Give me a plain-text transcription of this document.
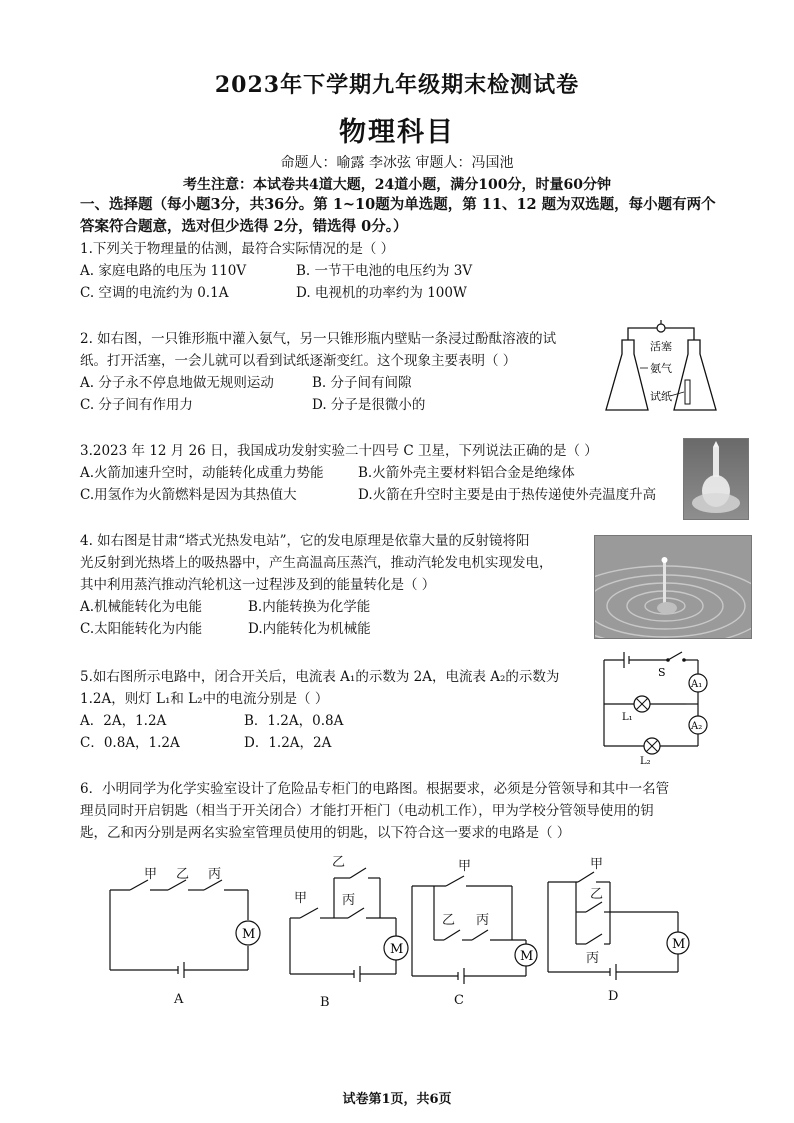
2023年下学期九年级期末检测试卷
物理科目
命题人：喻露 李冰弦 审题人：冯国池
考生注意：本试卷共4道大题，24道小题，满分100分，时量60分钟
一、选择题（每小题3分，共36分。第 1~10题为单选题，第 11、12 题为双选题，每小题有两个答案符合题意，选对但少选得 2分，错选得 0分。）
1.下列关于物理量的估测，最符合实际情况的是（ ）
A. 家庭电路的电压为 110V	B. 一节干电池的电压约为 3V
C. 空调的电流约为 0.1A	D. 电视机的功率约为 100W
2. 如右图，一只锥形瓶中灌入氨气，另一只锥形瓶内壁贴一条浸过酚酞溶液的试
纸。打开活塞，一会儿就可以看到试纸逐渐变红。这个现象主要表明（ ）
A. 分子永不停息地做无规则运动	B. 分子间有间隙
C. 分子间有作用力	D. 分子是很微小的
活塞
氨气
试纸
3.2023 年 12 月 26 日，我国成功发射实验二十四号 C 卫星，下列说法正确的是（ ）
A.火箭加速升空时，动能转化成重力势能	B.火箭外壳主要材料铝合金是绝缘体
C.用氢作为火箭燃料是因为其热值大	D.火箭在升空时主要是由于热传递使外壳温度升高
4. 如右图是甘肃“塔式光热发电站”，它的发电原理是依靠大量的反射镜将阳
光反射到光热塔上的吸热器中，产生高温高压蒸汽，推动汽轮发电机实现发电，
其中利用蒸汽推动汽轮机这一过程涉及到的能量转化是（ ）
A.机械能转化为电能	B.内能转换为化学能
C.太阳能转化为内能	D.内能转化为机械能
5.如右图所示电路中，闭合开关后，电流表 A₁的示数为 2A，电流表 A₂的示数为
1.2A，则灯 L₁和 L₂中的电流分别是（ ）
A．2A，1.2A	B．1.2A，0.8A
C．0.8A，1.2A	D．1.2A，2A
S
A₁
A₂
L₁
L₂
6．小明同学为化学实验室设计了危险品专柜门的电路图。根据要求，必须是分管领导和其中一名管
理员同时开启钥匙（相当于开关闭合）才能打开柜门（电动机工作），甲为学校分管领导使用的钥
匙，乙和丙分别是两名实验室管理员使用的钥匙，以下符合这一要求的电路是（ ）
M
M	M
M
甲 乙 丙
甲
乙
丙
甲
乙 丙
甲
乙
丙
A	B	C	D
试卷第1页，共6页
